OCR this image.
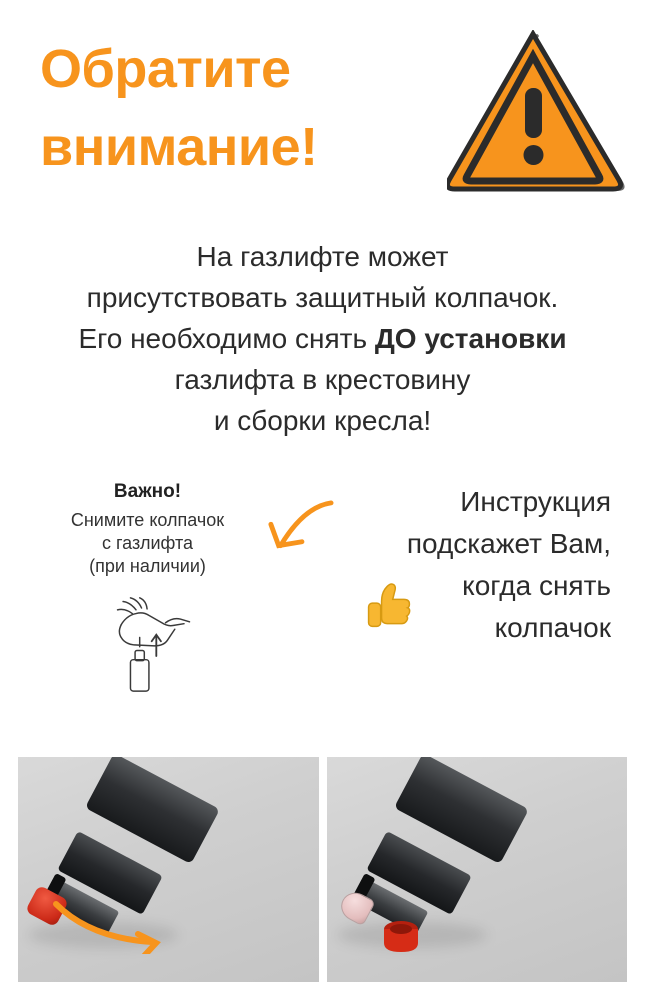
Обратите
внимание!
На газлифте может
присутствовать защитный колпачок.
Его необходимо снять ДО установки
газлифта в крестовину
и сборки кресла!
Важно!
Снимите колпачок
с газлифта
(при наличии)
Инструкция
подскажет Вам,
когда снять
колпачок
